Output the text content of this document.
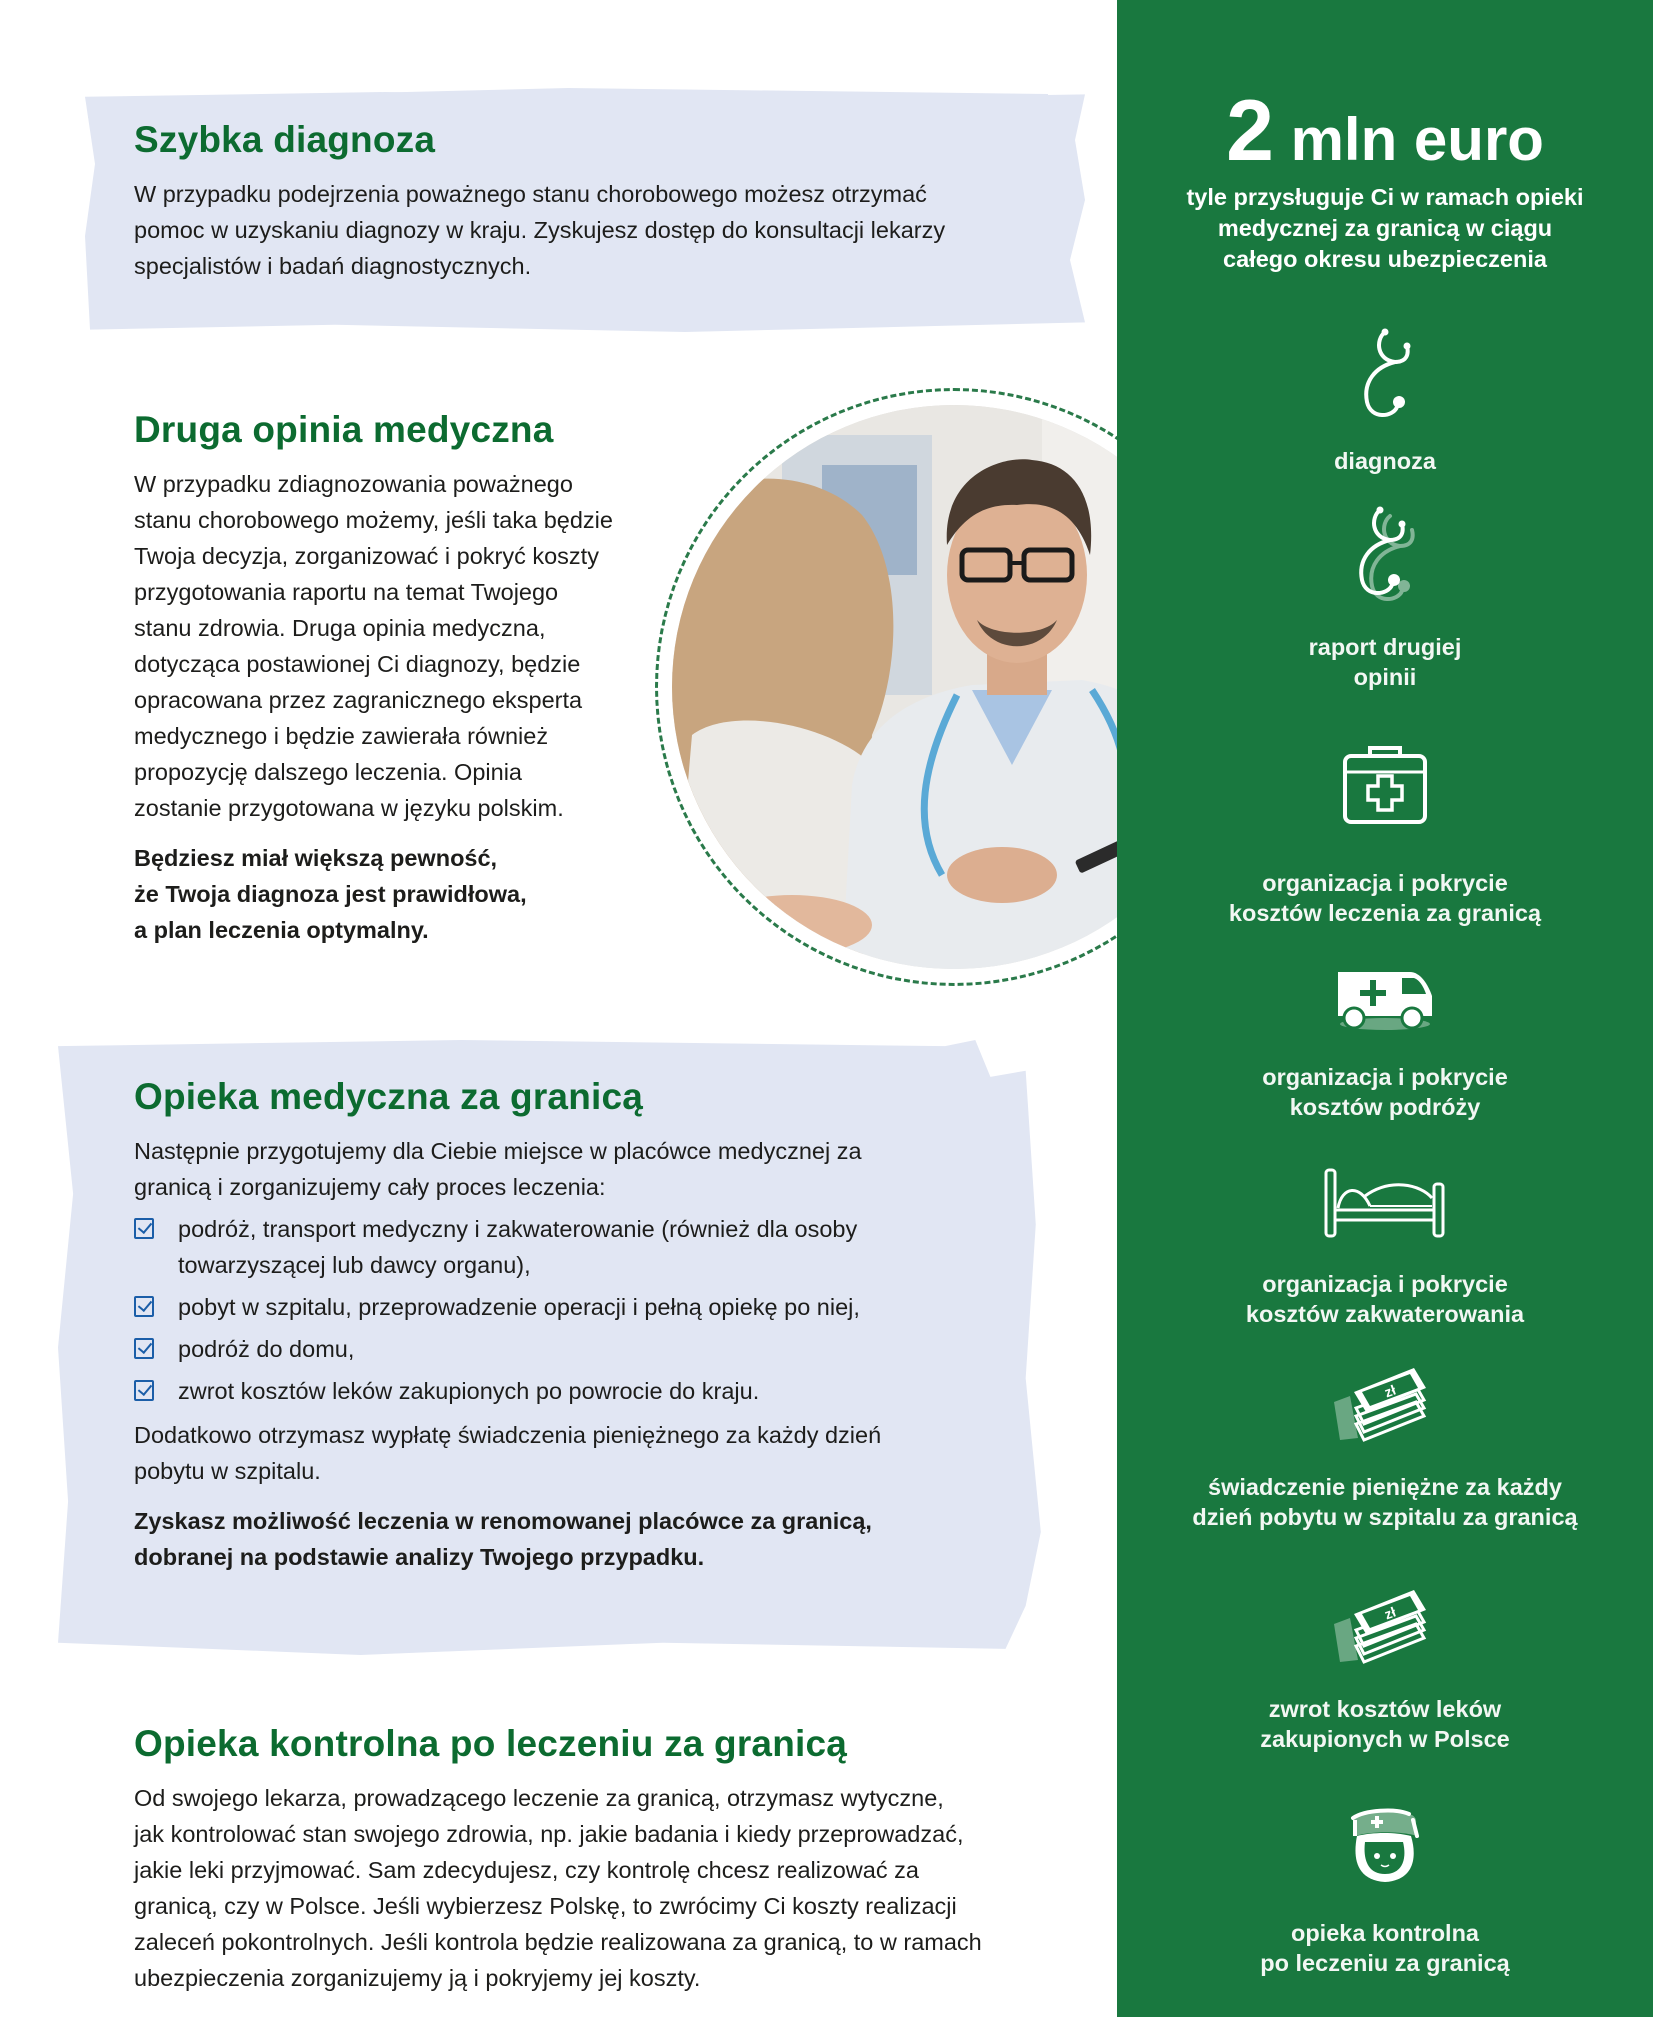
Szybka diagnoza
W przypadku podejrzenia poważnego stanu chorobowego możesz otrzymać
pomoc w uzyskaniu diagnozy w kraju. Zyskujesz dostęp do konsultacji lekarzy
specjalistów i badań diagnostycznych.
Druga opinia medyczna
W przypadku zdiagnozowania poważnego
stanu chorobowego możemy, jeśli taka będzie
Twoja decyzja, zorganizować i pokryć koszty
przygotowania raportu na temat Twojego
stanu zdrowia. Druga opinia medyczna,
dotycząca postawionej Ci diagnozy, będzie
opracowana przez zagranicznego eksperta
medycznego i będzie zawierała również
propozycję dalszego leczenia. Opinia
zostanie przygotowana w języku polskim.
Będziesz miał większą pewność,
że Twoja diagnoza jest prawidłowa,
a plan leczenia optymalny.
Opieka medyczna za granicą
Następnie przygotujemy dla Ciebie miejsce w placówce medycznej za
granicą i zorganizujemy cały proces leczenia:
podróż, transport medyczny i zakwaterowanie (również dla osoby
towarzyszącej lub dawcy organu),
pobyt w szpitalu, przeprowadzenie operacji i pełną opiekę po niej,
podróż do domu,
zwrot kosztów leków zakupionych po powrocie do kraju.
Dodatkowo otrzymasz wypłatę świadczenia pieniężnego za każdy dzień
pobytu w szpitalu.
Zyskasz możliwość leczenia w renomowanej placówce za granicą,
dobranej na podstawie analizy Twojego przypadku.
Opieka kontrolna po leczeniu za granicą
Od swojego lekarza, prowadzącego leczenie za granicą, otrzymasz wytyczne,
jak kontrolować stan swojego zdrowia, np. jakie badania i kiedy przeprowadzać,
jakie leki przyjmować. Sam zdecydujesz, czy kontrolę chcesz realizować za
granicą, czy w Polsce. Jeśli wybierzesz Polskę, to zwrócimy Ci koszty realizacji
zaleceń pokontrolnych. Jeśli kontrola będzie realizowana za granicą, to w ramach
ubezpieczenia zorganizujemy ją i pokryjemy jej koszty.
2 mln euro
tyle przysługuje Ci w ramach opieki
medycznej za granicą w ciągu
całego okresu ubezpieczenia
diagnoza
raport drugiej
opinii
organizacja i pokrycie
kosztów leczenia za granicą
organizacja i pokrycie
kosztów podróży
organizacja i pokrycie
kosztów zakwaterowania
zł
świadczenie pieniężne za każdy
dzień pobytu w szpitalu za granicą
zł
zwrot kosztów leków
zakupionych w Polsce
opieka kontrolna
po leczeniu za granicą
